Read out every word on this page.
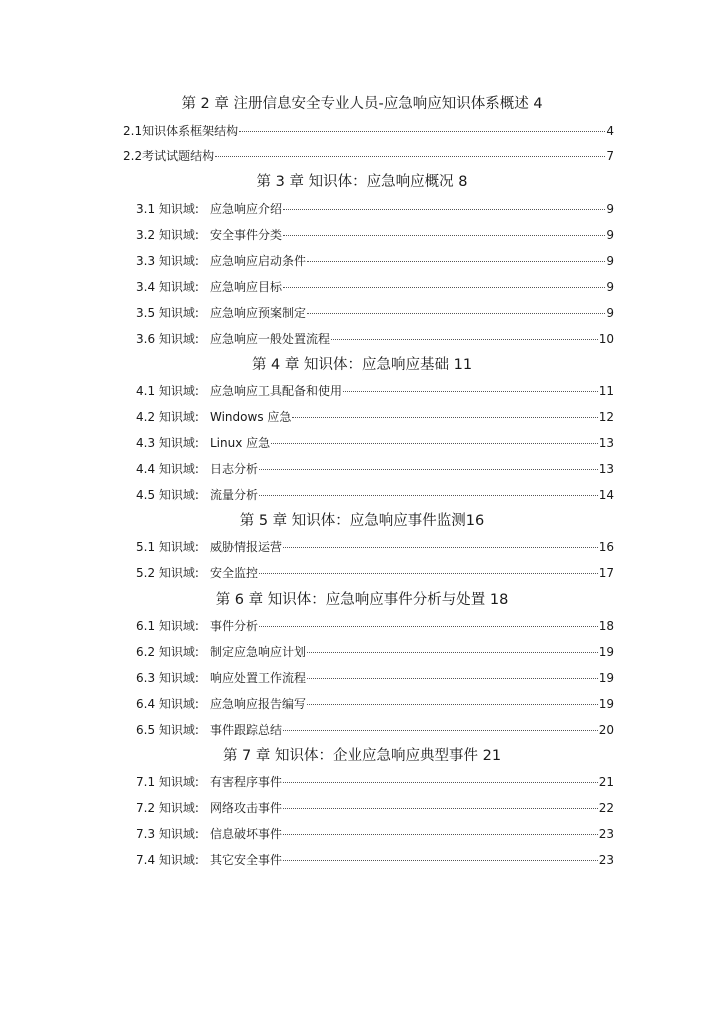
第 2 章 注册信息安全专业人员-应急响应知识体系概述 4
2.1 知识体系框架结构	4
2.2 考试试题结构	7
第 3 章 知识体：应急响应概况 8
3.1 知识域: 应急响应介绍	9
3.2 知识域: 安全事件分类	9
3.3 知识域: 应急响应启动条件	9
3.4 知识域: 应急响应目标	9
3.5 知识域: 应急响应预案制定	9
3.6 知识域: 应急响应一般处置流程	10
第 4 章 知识体：应急响应基础 11
4.1 知识域: 应急响应工具配备和使用	11
4.2 知识域: Windows 应急	12
4.3 知识域: Linux 应急	13
4.4 知识域: 日志分析	13
4.5 知识域: 流量分析	14
第 5 章 知识体：应急响应事件监测16
5.1 知识域: 威胁情报运营	16
5.2 知识域: 安全监控	17
第 6 章 知识体：应急响应事件分析与处置 18
6.1 知识域: 事件分析	18
6.2 知识域: 制定应急响应计划	19
6.3 知识域: 响应处置工作流程	19
6.4 知识域: 应急响应报告编写	19
6.5 知识域: 事件跟踪总结	20
第 7 章 知识体：企业应急响应典型事件 21
7.1 知识域: 有害程序事件	21
7.2 知识域: 网络攻击事件	22
7.3 知识域: 信息破坏事件	23
7.4 知识域: 其它安全事件	23
